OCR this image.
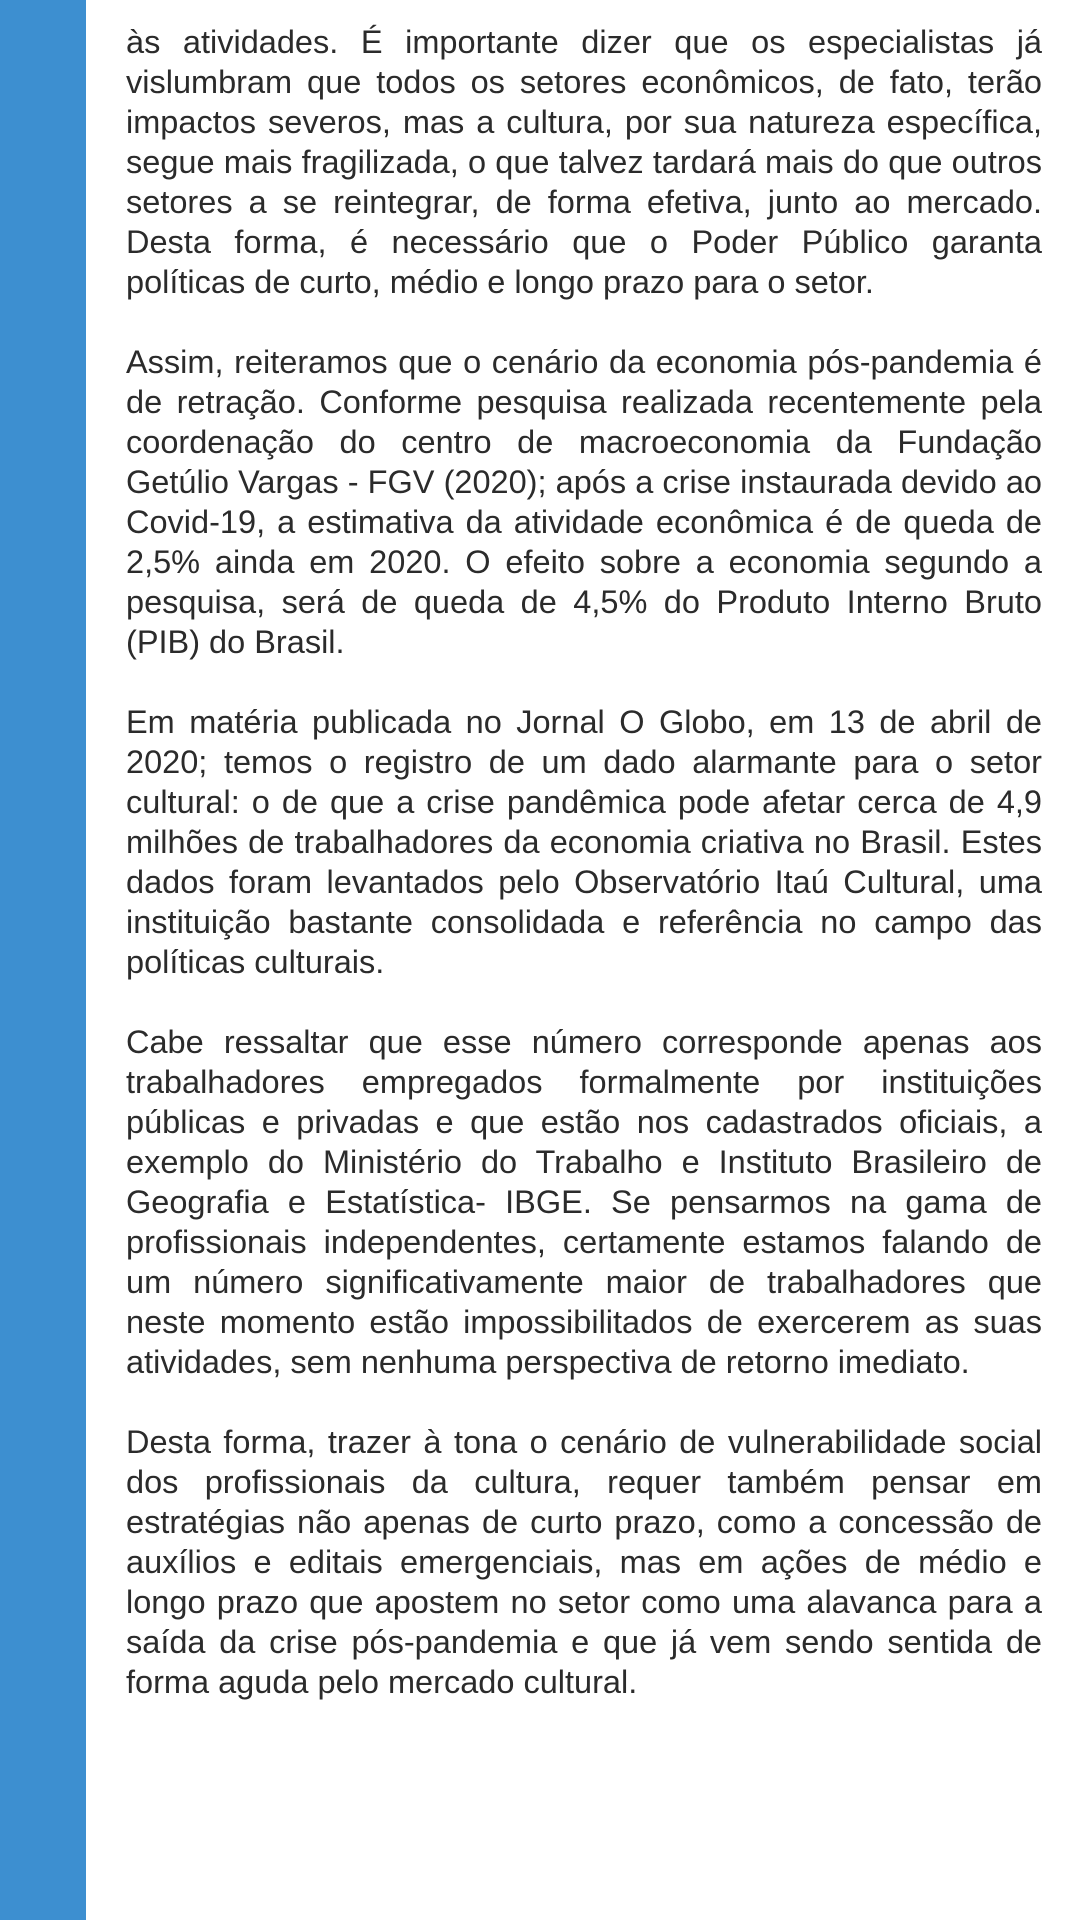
às atividades. É importante dizer que os especialistas já vislumbram que todos os setores econômicos, de fato, terão impactos severos, mas a cultura, por sua natureza específica, segue mais fragilizada, o que talvez tardará mais do que outros setores a se reintegrar, de forma efetiva, junto ao mercado. Desta forma, é necessário que o Poder Público garanta políticas de curto, médio e longo prazo para o setor.

Assim, reiteramos que o cenário da economia pós-pandemia é de retração. Conforme pesquisa realizada recentemente pela coordenação do centro de macroeconomia da Fundação Getúlio Vargas - FGV (2020); após a crise instaurada devido ao Covid-19, a estimativa da atividade econômica é de queda de 2,5% ainda em 2020. O efeito sobre a economia segundo a pesquisa, será de queda de 4,5% do Produto Interno Bruto (PIB) do Brasil.

Em matéria publicada no Jornal O Globo, em 13 de abril de 2020; temos o registro de um dado alarmante para o setor cultural: o de que a crise pandêmica pode afetar cerca de 4,9 milhões de trabalhadores da economia criativa no Brasil. Estes dados foram levantados pelo Observatório Itaú Cultural, uma instituição bastante consolidada e referência no campo das políticas culturais.

Cabe ressaltar que esse número corresponde apenas aos trabalhadores empregados formalmente por instituições públicas e privadas e que estão nos cadastrados oficiais, a exemplo do Ministério do Trabalho e Instituto Brasileiro de Geografia e Estatística- IBGE. Se pensarmos na gama de profissionais independentes, certamente estamos falando de um número significativamente maior de trabalhadores que neste momento estão impossibilitados de exercerem as suas atividades, sem nenhuma perspectiva de retorno imediato.

Desta forma, trazer à tona o cenário de vulnerabilidade social dos profissionais da cultura, requer também pensar em estratégias não apenas de curto prazo, como a concessão de auxílios e editais emergenciais, mas em ações de médio e longo prazo que apostem no setor como uma alavanca para a saída da crise pós-pandemia e que já vem sendo sentida de forma aguda pelo mercado cultural.
